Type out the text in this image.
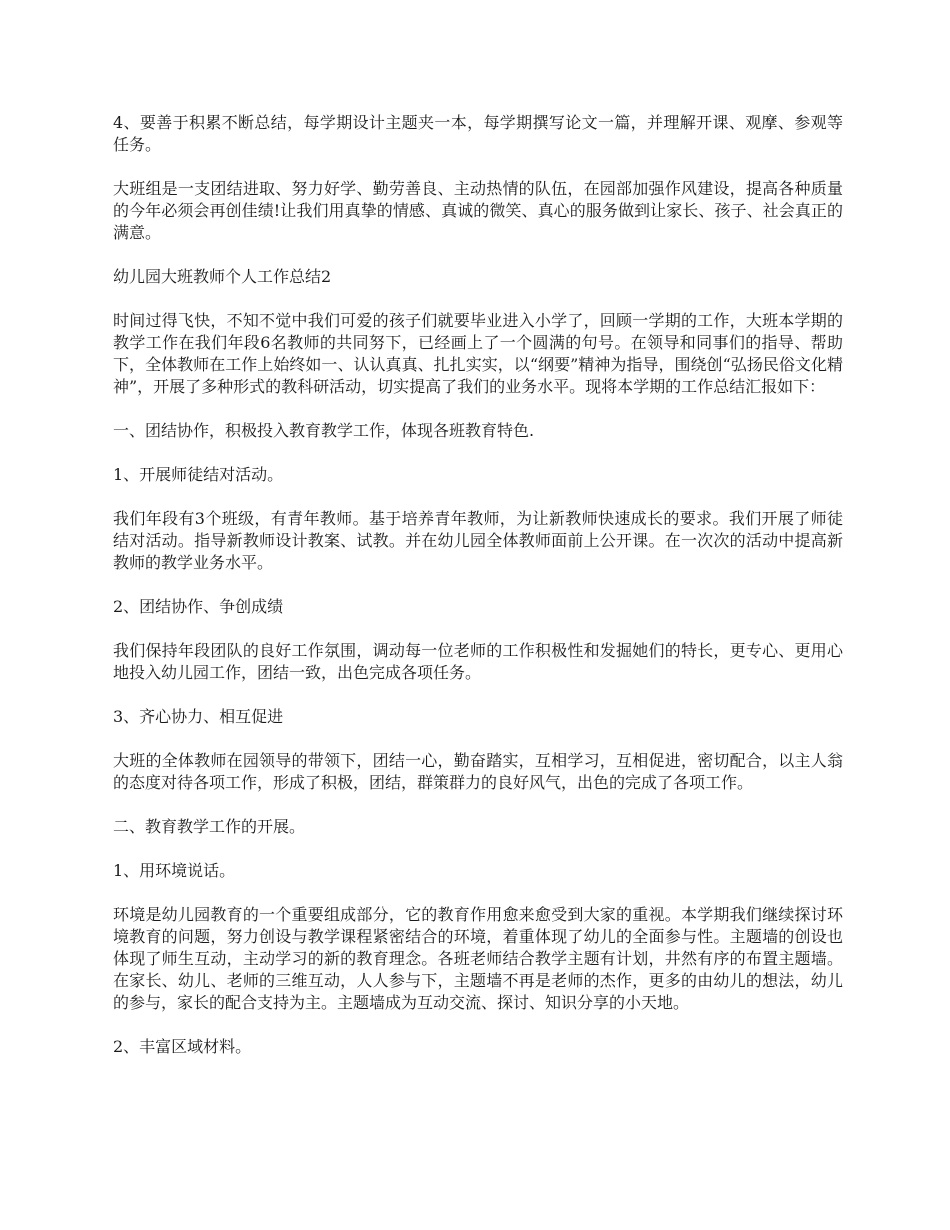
4、要善于积累不断总结，每学期设计主题夹一本，每学期撰写论文一篇，并理解开课、观摩、参观等任务。

大班组是一支团结进取、努力好学、勤劳善良、主动热情的队伍，在园部加强作风建设，提高各种质量的今年必须会再创佳绩!让我们用真挚的情感、真诚的微笑、真心的服务做到让家长、孩子、社会真正的满意。

幼儿园大班教师个人工作总结2

时间过得飞快，不知不觉中我们可爱的孩子们就要毕业进入小学了，回顾一学期的工作，大班本学期的教学工作在我们年段6名教师的共同努下，已经画上了一个圆满的句号。在领导和同事们的指导、帮助下，全体教师在工作上始终如一、认认真真、扎扎实实，以“纲要”精神为指导，围绕创“弘扬民俗文化精神”，开展了多种形式的教科研活动，切实提高了我们的业务水平。现将本学期的工作总结汇报如下：

一、团结协作，积极投入教育教学工作，体现各班教育特色.

1、开展师徒结对活动。

我们年段有3个班级，有青年教师。基于培养青年教师，为让新教师快速成长的要求。我们开展了师徒结对活动。指导新教师设计教案、试教。并在幼儿园全体教师面前上公开课。在一次次的活动中提高新教师的教学业务水平。

2、团结协作、争创成绩

我们保持年段团队的良好工作氛围，调动每一位老师的工作积极性和发掘她们的特长，更专心、更用心地投入幼儿园工作，团结一致，出色完成各项任务。

3、齐心协力、相互促进

大班的全体教师在园领导的带领下，团结一心，勤奋踏实，互相学习，互相促进，密切配合，以主人翁的态度对待各项工作，形成了积极，团结，群策群力的良好风气，出色的完成了各项工作。

二、教育教学工作的开展。

1、用环境说话。

环境是幼儿园教育的一个重要组成部分，它的教育作用愈来愈受到大家的重视。本学期我们继续探讨环境教育的问题，努力创设与教学课程紧密结合的环境，着重体现了幼儿的全面参与性。主题墙的创设也体现了师生互动，主动学习的新的教育理念。各班老师结合教学主题有计划，井然有序的布置主题墙。在家长、幼儿、老师的三维互动，人人参与下，主题墙不再是老师的杰作，更多的由幼儿的想法，幼儿的参与，家长的配合支持为主。主题墙成为互动交流、探讨、知识分享的小天地。

2、丰富区域材料。
